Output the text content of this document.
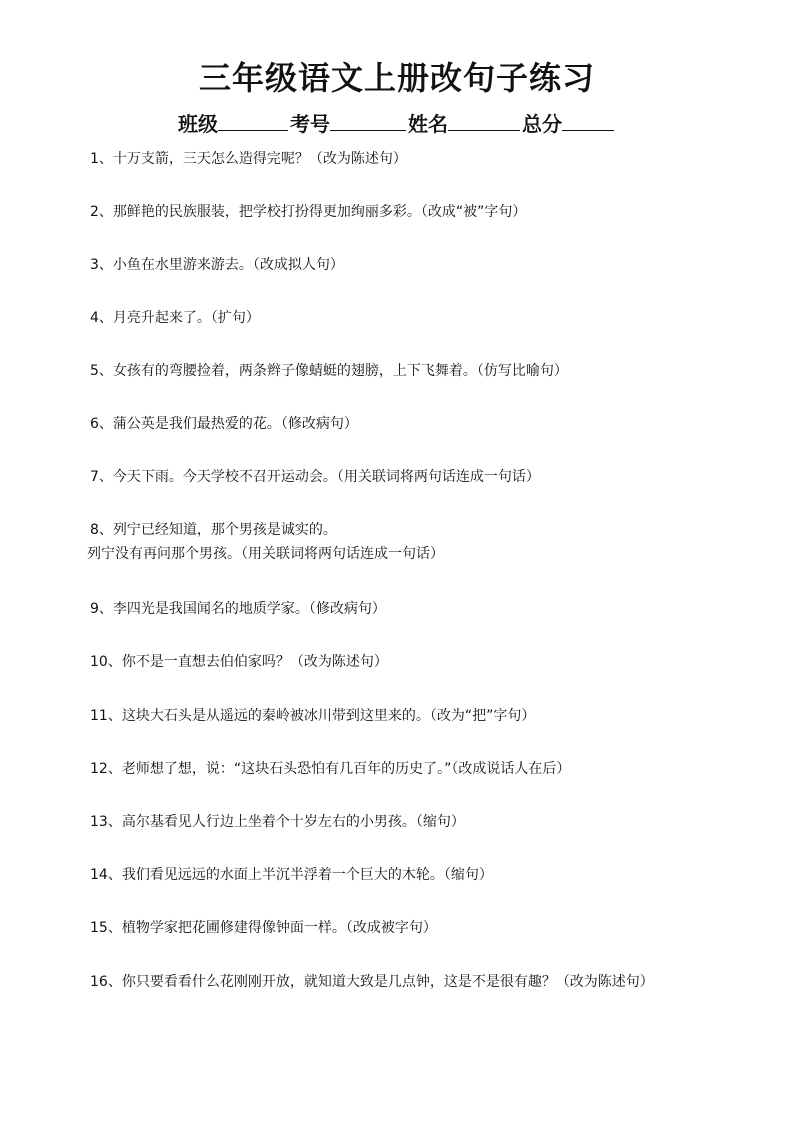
三年级语文上册改句子练习
班级	考号	姓名	总分
1、十万支箭，三天怎么造得完呢？（改为陈述句）
2、那鲜艳的民族服装，把学校打扮得更加绚丽多彩。（改成“被”字句）
3、小鱼在水里游来游去。（改成拟人句）
4、月亮升起来了。（扩句）
5、女孩有的弯腰捡着，两条辫子像蜻蜓的翅膀，上下飞舞着。（仿写比喻句）
6、蒲公英是我们最热爱的花。（修改病句）
7、今天下雨。今天学校不召开运动会。（用关联词将两句话连成一句话）
8、列宁已经知道，那个男孩是诚实的。
列宁没有再问那个男孩。（用关联词将两句话连成一句话）
9、李四光是我国闻名的地质学家。（修改病句）
10、你不是一直想去伯伯家吗？（改为陈述句）
11、这块大石头是从遥远的秦岭被冰川带到这里来的。（改为“把”字句）
12、老师想了想，说：“这块石头恐怕有几百年的历史了。”（改成说话人在后）
13、高尔基看见人行边上坐着个十岁左右的小男孩。（缩句）
14、我们看见远远的水面上半沉半浮着一个巨大的木轮。（缩句）
15、植物学家把花圃修建得像钟面一样。（改成被字句）
16、你只要看看什么花刚刚开放，就知道大致是几点钟，这是不是很有趣？（改为陈述句）
